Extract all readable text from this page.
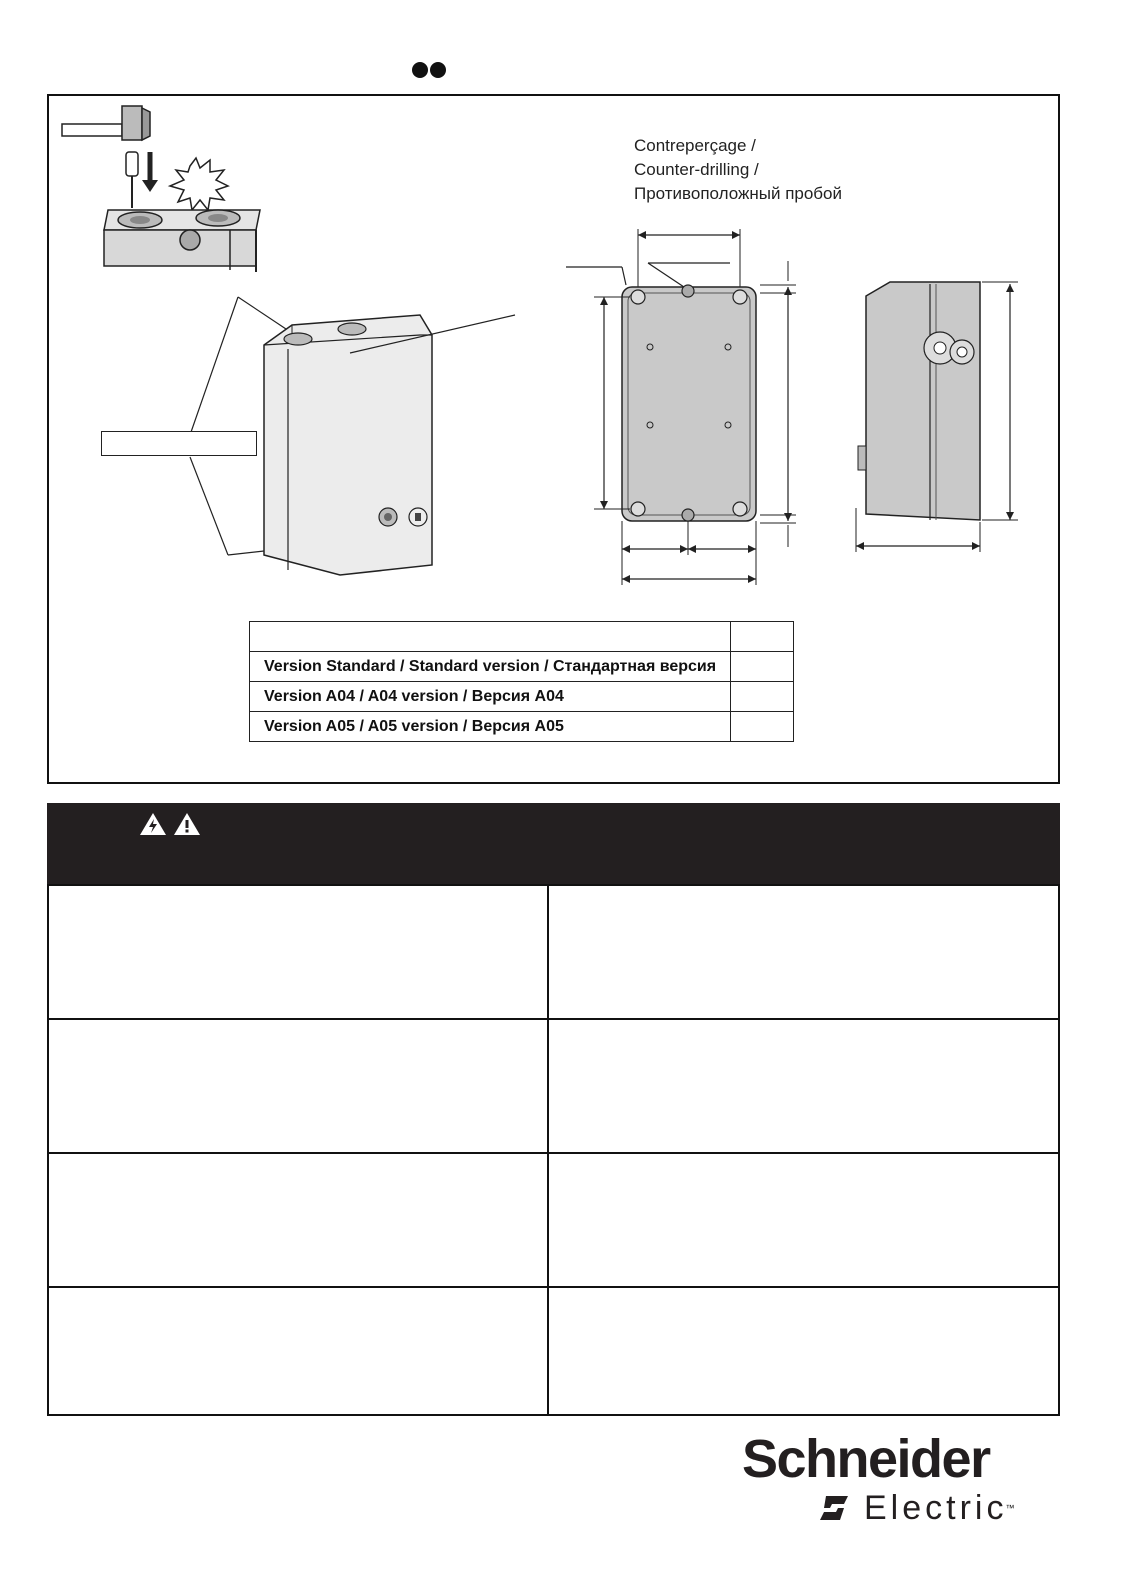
Contreperçage /
Counter-drilling /
Противоположный пробой

Version Standard / Standard version / Стандартная версия	
Version A04 / A04 version / Версия A04	
Version A05 / A05 version / Версия A05	
Schneider
Electric
™
